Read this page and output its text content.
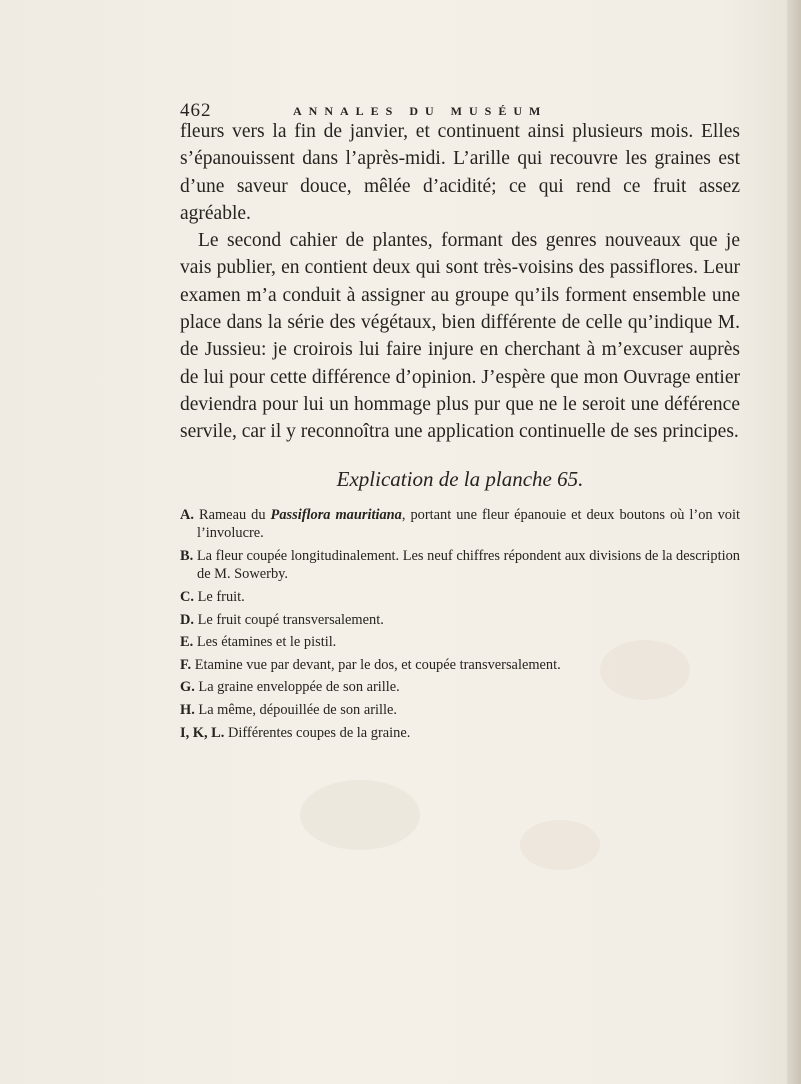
462	ANNALES DU MUSÉUM

fleurs vers la fin de janvier, et continuent ainsi plusieurs mois. Elles s’épanouissent dans l’après-midi. L’arille qui recouvre les graines est d’une saveur douce, mêlée d’acidité; ce qui rend ce fruit assez agréable.

Le second cahier de plantes, formant des genres nouveaux que je vais publier, en contient deux qui sont très-voisins des passiflores. Leur examen m’a conduit à assigner au groupe qu’ils forment ensemble une place dans la série des végétaux, bien différente de celle qu’indique M. de Jussieu: je croirois lui faire injure en cherchant à m’excuser auprès de lui pour cette différence d’opinion. J’espère que mon Ouvrage entier deviendra pour lui un hommage plus pur que ne le seroit une déférence servile, car il y reconnoîtra une application continuelle de ses principes.

Explication de la planche 65.
A. Rameau du Passiflora mauritiana, portant une fleur épanouie et deux boutons où l’on voit l’involucre.
B. La fleur coupée longitudinalement. Les neuf chiffres répondent aux divisions de la description de M. Sowerby.
C. Le fruit.
D. Le fruit coupé transversalement.
E. Les étamines et le pistil.
F. Etamine vue par devant, par le dos, et coupée transversalement.
G. La graine enveloppée de son arille.
H. La même, dépouillée de son arille.
I, K, L. Différentes coupes de la graine.
